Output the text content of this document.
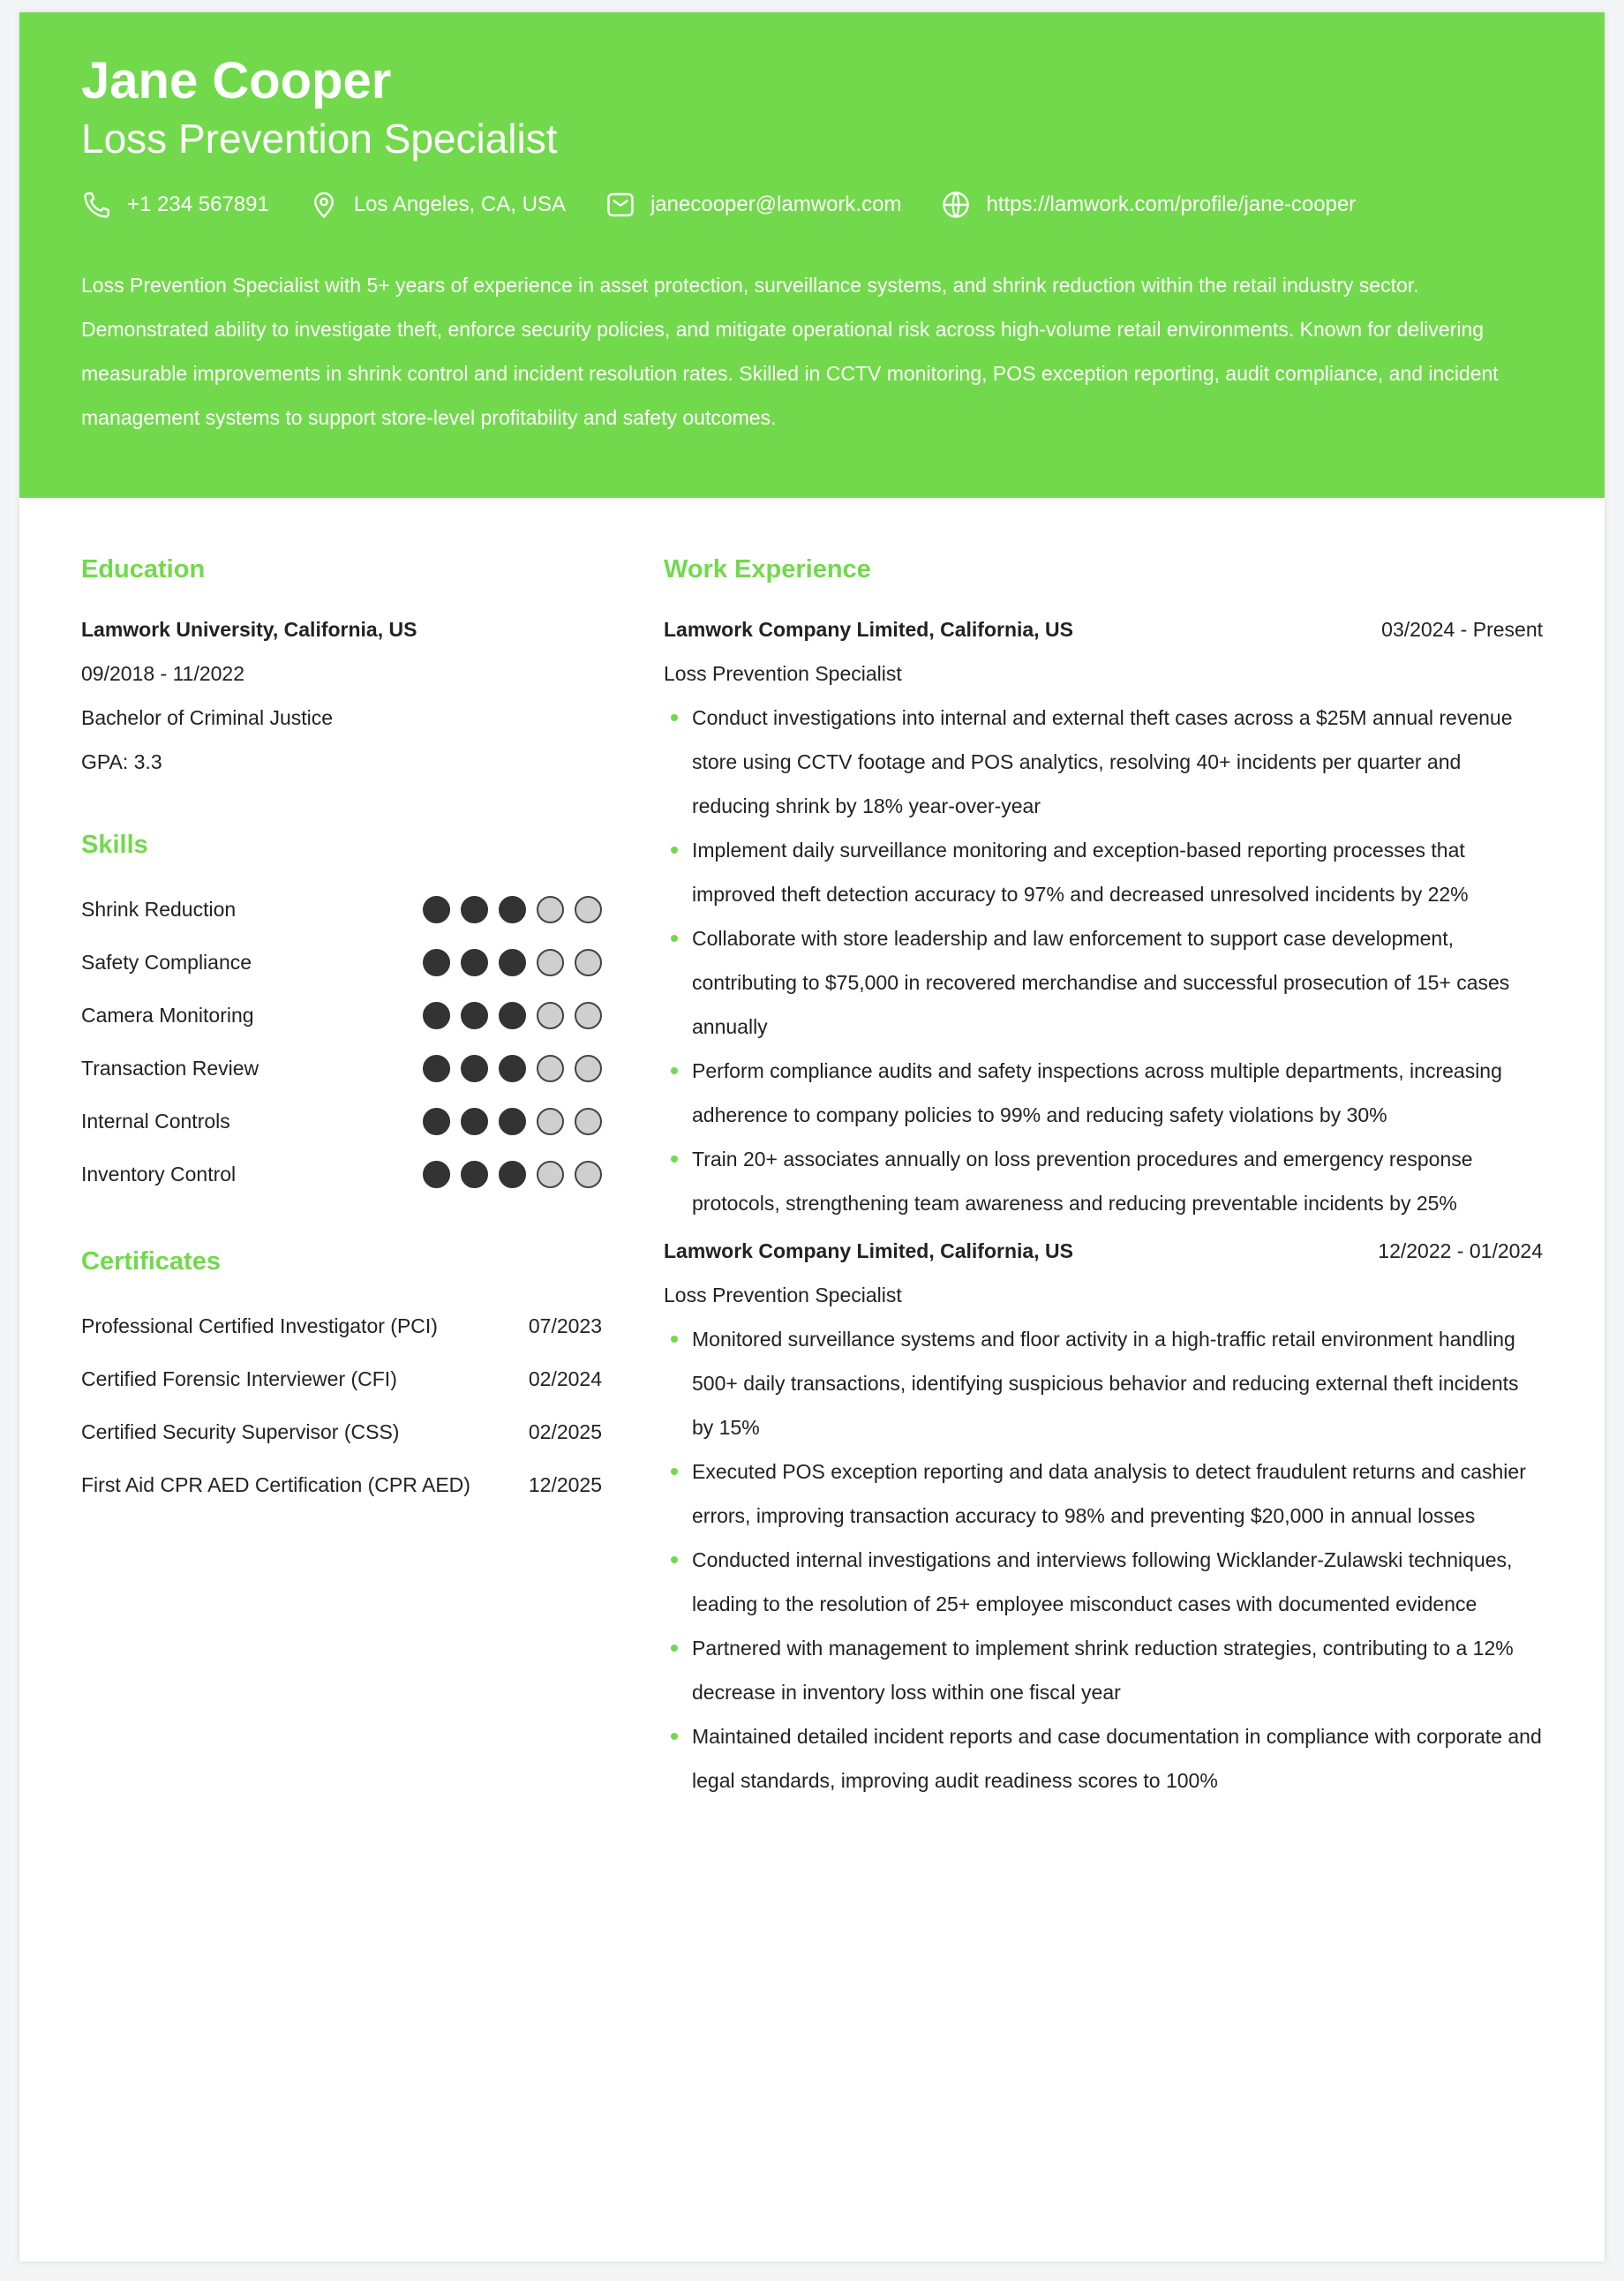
Jane Cooper
Loss Prevention Specialist
+1 234 567891	Los Angeles, CA, USA	janecooper@lamwork.com	https://lamwork.com/profile/jane-cooper
Loss Prevention Specialist with 5+ years of experience in asset protection, surveillance systems, and shrink reduction within the retail industry sector. Demonstrated ability to investigate theft, enforce security policies, and mitigate operational risk across high-volume retail environments. Known for delivering measurable improvements in shrink control and incident resolution rates. Skilled in CCTV monitoring, POS exception reporting, audit compliance, and incident management systems to support store-level profitability and safety outcomes.
Education
Lamwork University, California, US
09/2018 - 11/2022
Bachelor of Criminal Justice
GPA: 3.3
Skills
Shrink Reduction
Safety Compliance
Camera Monitoring
Transaction Review
Internal Controls
Inventory Control
Certificates
Professional Certified Investigator (PCI)	07/2023
Certified Forensic Interviewer (CFI)	02/2024
Certified Security Supervisor (CSS)	02/2025
First Aid CPR AED Certification (CPR AED)	12/2025
Work Experience
Lamwork Company Limited, California, US	03/2024 - Present
Loss Prevention Specialist
Conduct investigations into internal and external theft cases across a $25M annual revenue store using CCTV footage and POS analytics, resolving 40+ incidents per quarter and reducing shrink by 18% year-over-year
Implement daily surveillance monitoring and exception-based reporting processes that improved theft detection accuracy to 97% and decreased unresolved incidents by 22%
Collaborate with store leadership and law enforcement to support case development, contributing to $75,000 in recovered merchandise and successful prosecution of 15+ cases annually
Perform compliance audits and safety inspections across multiple departments, increasing adherence to company policies to 99% and reducing safety violations by 30%
Train 20+ associates annually on loss prevention procedures and emergency response protocols, strengthening team awareness and reducing preventable incidents by 25%
Lamwork Company Limited, California, US	12/2022 - 01/2024
Loss Prevention Specialist
Monitored surveillance systems and floor activity in a high-traffic retail environment handling 500+ daily transactions, identifying suspicious behavior and reducing external theft incidents by 15%
Executed POS exception reporting and data analysis to detect fraudulent returns and cashier errors, improving transaction accuracy to 98% and preventing $20,000 in annual losses
Conducted internal investigations and interviews following Wicklander-Zulawski techniques, leading to the resolution of 25+ employee misconduct cases with documented evidence
Partnered with management to implement shrink reduction strategies, contributing to a 12% decrease in inventory loss within one fiscal year
Maintained detailed incident reports and case documentation in compliance with corporate and legal standards, improving audit readiness scores to 100%
